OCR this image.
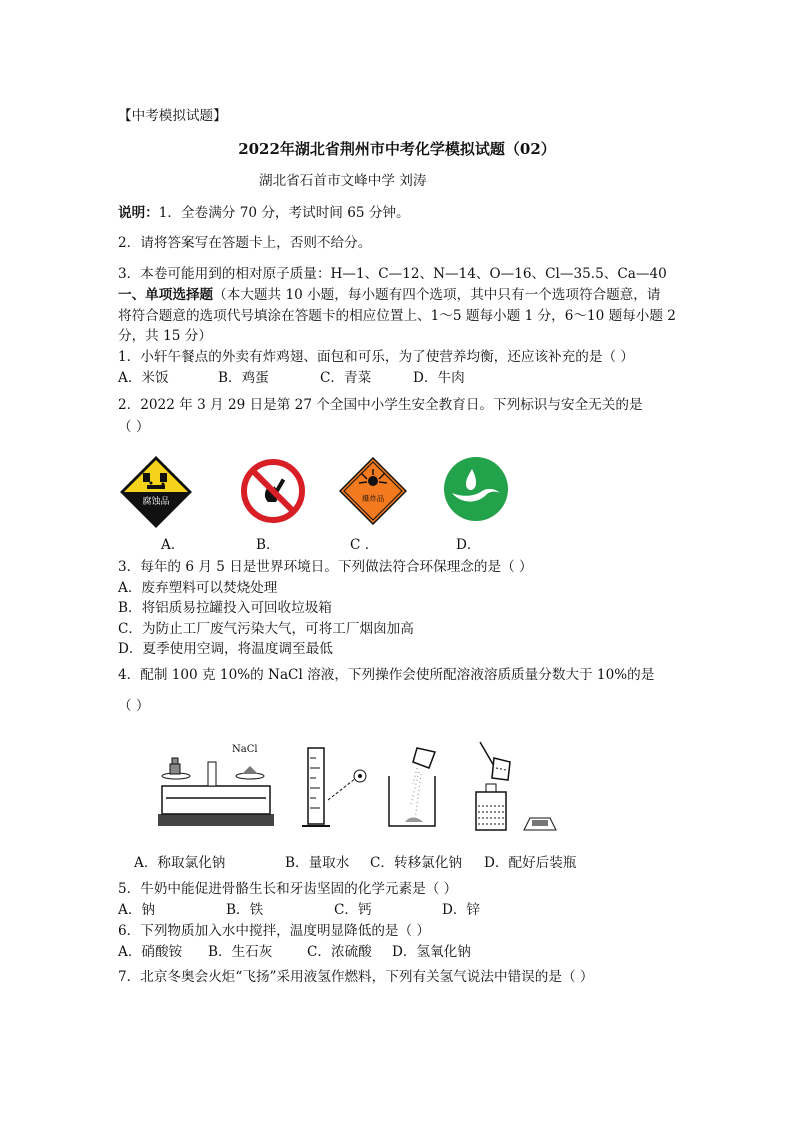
【中考模拟试题】
2022年湖北省荆州市中考化学模拟试题（02）
湖北省石首市文峰中学 刘涛
说明：1．全卷满分 70 分，考试时间 65 分钟。
2．请将答案写在答题卡上，否则不给分。
3．本卷可能用到的相对原子质量：H—1、C—12、N—14、O—16、Cl—35.5、Ca—40
一、单项选择题（本大题共 10 小题，每小题有四个选项，其中只有一个选项符合题意，请
将符合题意的选项代号填涂在答题卡的相应位置上、1～5 题每小题 1 分，6～10 题每小题 2
分，共 15 分）
1．小轩午餐点的外卖有炸鸡翅、面包和可乐，为了使营养均衡，还应该补充的是（ ）
A．米饭	B．鸡蛋	C．青菜	D．牛肉
2．2022 年 3 月 29 日是第 27 个全国中小学生安全教育日。下列标识与安全无关的是
（ ）
腐蚀品	爆炸品
A．	B．	C ．	D．
3．每年的 6 月 5 日是世界环境日。下列做法符合环保理念的是（ ）
A．废弃塑料可以焚烧处理
B．将铝质易拉罐投入可回收垃圾箱
C．为防止工厂废气污染大气，可将工厂烟囱加高
D．夏季使用空调，将温度调至最低
4．配制 100 克 10%的 NaCl 溶液，下列操作会使所配溶液溶质质量分数大于 10%的是
（ ）
NaCl
A．称取氯化钠	B．量取水 C．转移氯化钠 D．配好后装瓶
5．牛奶中能促进骨骼生长和牙齿坚固的化学元素是（ ）
A．钠	B．铁	C．钙	D．锌
6．下列物质加入水中搅拌，温度明显降低的是（ ）
A．硝酸铵 B．生石灰	C．浓硫酸 D．氢氧化钠
7．北京冬奥会火炬“飞扬”采用液氢作燃料，下列有关氢气说法中错误的是（ ）
